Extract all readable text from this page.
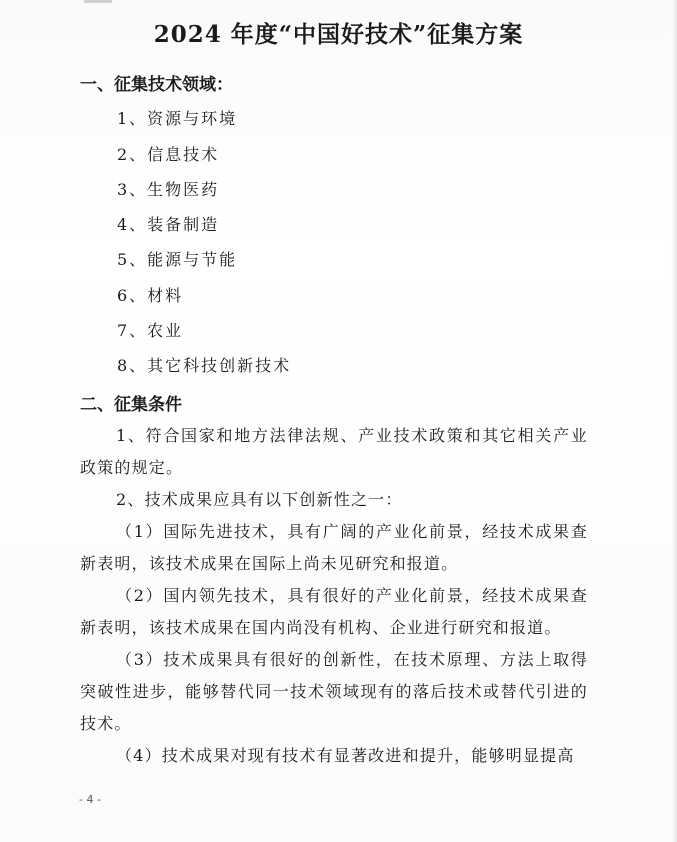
2024 年度“中国好技术”征集方案
一、征集技术领域：

1、资源与环境

2、信息技术

3、生物医药

4、装备制造

5、能源与节能

6、材料

7、农业

8、其它科技创新技术

二、征集条件

1、符合国家和地方法律法规、产业技术政策和其它相关产业政策的规定。

2、技术成果应具有以下创新性之一：

（1）国际先进技术，具有广阔的产业化前景，经技术成果查新表明，该技术成果在国际上尚未见研究和报道。

（2）国内领先技术，具有很好的产业化前景，经技术成果查新表明，该技术成果在国内尚没有机构、企业进行研究和报道。

（3）技术成果具有很好的创新性，在技术原理、方法上取得突破性进步，能够替代同一技术领域现有的落后技术或替代引进的技术。

（4）技术成果对现有技术有显著改进和提升，能够明显提高

- 4 -
